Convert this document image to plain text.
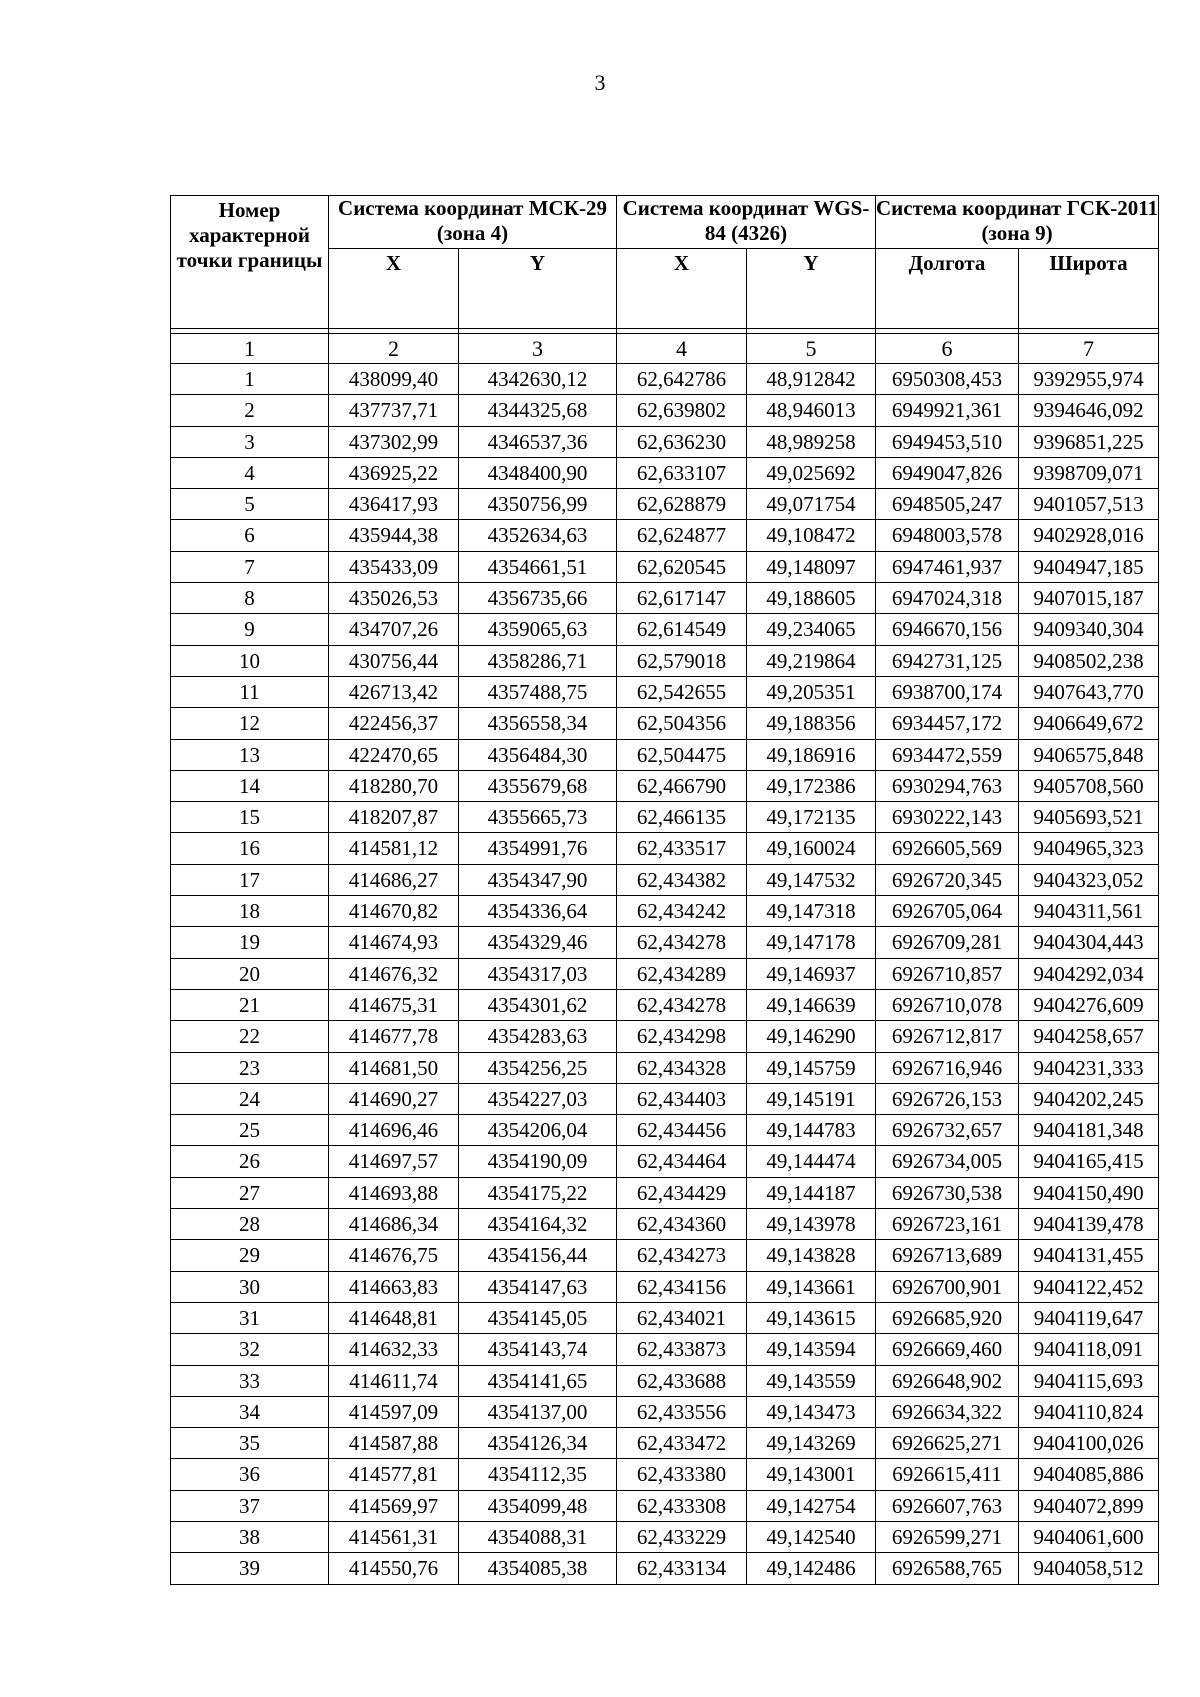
3
Номер характерной точки границы	Система координат МСК-29 (зона 4)		Система координат WGS-84 (4326)		Система координат ГСК-2011 (зона 9)	
	X	Y	X	Y	Долгота	Широта

1	2	3	4	5	6	7
1	438099,40	4342630,12	62,642786	48,912842	6950308,453	9392955,974
2	437737,71	4344325,68	62,639802	48,946013	6949921,361	9394646,092
3	437302,99	4346537,36	62,636230	48,989258	6949453,510	9396851,225
4	436925,22	4348400,90	62,633107	49,025692	6949047,826	9398709,071
5	436417,93	4350756,99	62,628879	49,071754	6948505,247	9401057,513
6	435944,38	4352634,63	62,624877	49,108472	6948003,578	9402928,016
7	435433,09	4354661,51	62,620545	49,148097	6947461,937	9404947,185
8	435026,53	4356735,66	62,617147	49,188605	6947024,318	9407015,187
9	434707,26	4359065,63	62,614549	49,234065	6946670,156	9409340,304
10	430756,44	4358286,71	62,579018	49,219864	6942731,125	9408502,238
11	426713,42	4357488,75	62,542655	49,205351	6938700,174	9407643,770
12	422456,37	4356558,34	62,504356	49,188356	6934457,172	9406649,672
13	422470,65	4356484,30	62,504475	49,186916	6934472,559	9406575,848
14	418280,70	4355679,68	62,466790	49,172386	6930294,763	9405708,560
15	418207,87	4355665,73	62,466135	49,172135	6930222,143	9405693,521
16	414581,12	4354991,76	62,433517	49,160024	6926605,569	9404965,323
17	414686,27	4354347,90	62,434382	49,147532	6926720,345	9404323,052
18	414670,82	4354336,64	62,434242	49,147318	6926705,064	9404311,561
19	414674,93	4354329,46	62,434278	49,147178	6926709,281	9404304,443
20	414676,32	4354317,03	62,434289	49,146937	6926710,857	9404292,034
21	414675,31	4354301,62	62,434278	49,146639	6926710,078	9404276,609
22	414677,78	4354283,63	62,434298	49,146290	6926712,817	9404258,657
23	414681,50	4354256,25	62,434328	49,145759	6926716,946	9404231,333
24	414690,27	4354227,03	62,434403	49,145191	6926726,153	9404202,245
25	414696,46	4354206,04	62,434456	49,144783	6926732,657	9404181,348
26	414697,57	4354190,09	62,434464	49,144474	6926734,005	9404165,415
27	414693,88	4354175,22	62,434429	49,144187	6926730,538	9404150,490
28	414686,34	4354164,32	62,434360	49,143978	6926723,161	9404139,478
29	414676,75	4354156,44	62,434273	49,143828	6926713,689	9404131,455
30	414663,83	4354147,63	62,434156	49,143661	6926700,901	9404122,452
31	414648,81	4354145,05	62,434021	49,143615	6926685,920	9404119,647
32	414632,33	4354143,74	62,433873	49,143594	6926669,460	9404118,091
33	414611,74	4354141,65	62,433688	49,143559	6926648,902	9404115,693
34	414597,09	4354137,00	62,433556	49,143473	6926634,322	9404110,824
35	414587,88	4354126,34	62,433472	49,143269	6926625,271	9404100,026
36	414577,81	4354112,35	62,433380	49,143001	6926615,411	9404085,886
37	414569,97	4354099,48	62,433308	49,142754	6926607,763	9404072,899
38	414561,31	4354088,31	62,433229	49,142540	6926599,271	9404061,600
39	414550,76	4354085,38	62,433134	49,142486	6926588,765	9404058,512
